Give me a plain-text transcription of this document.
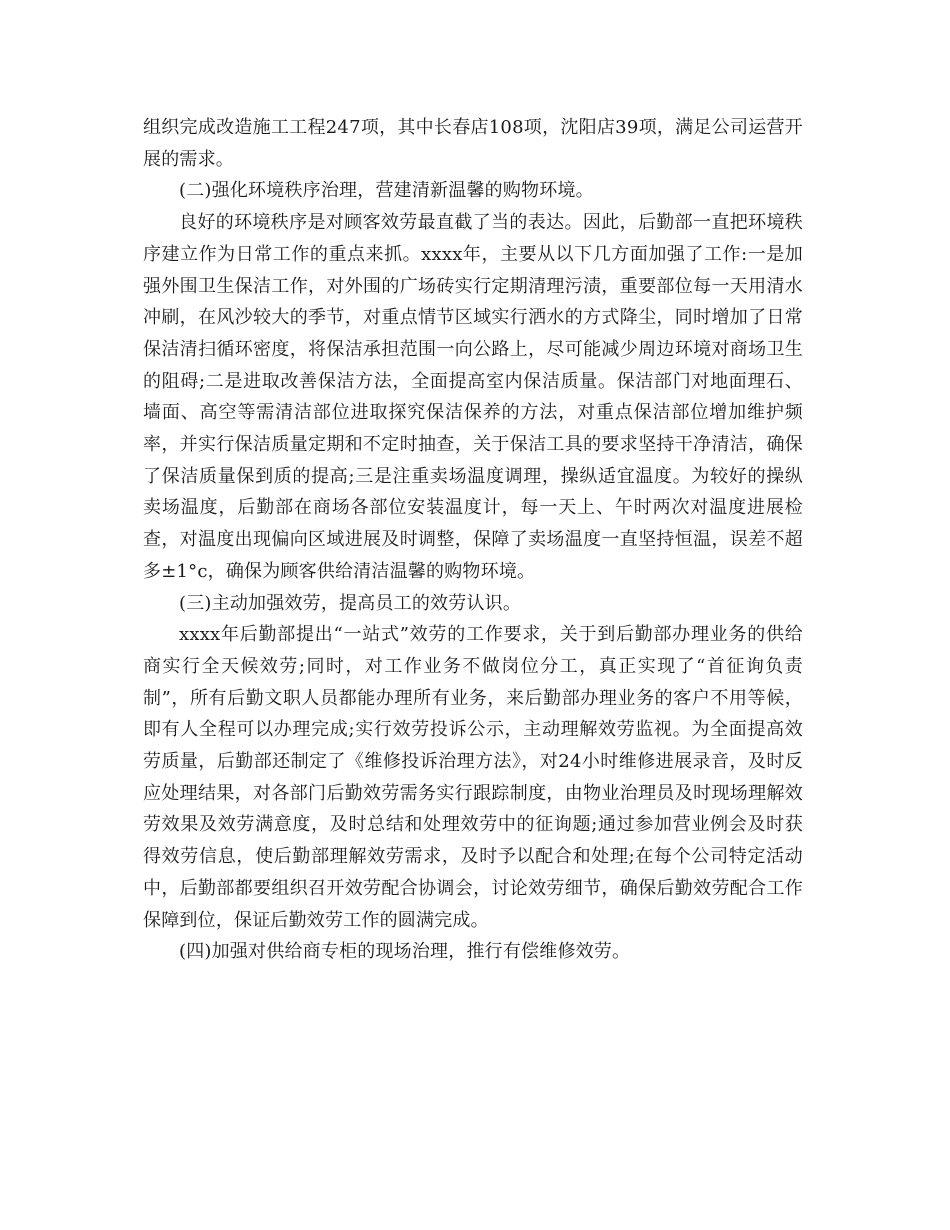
组织完成改造施工工程247项，其中长春店108项，沈阳店39项，满足公司运营开展的需求。

(二)强化环境秩序治理，营建清新温馨的购物环境。

良好的环境秩序是对顾客效劳最直截了当的表达。因此，后勤部一直把环境秩序建立作为日常工作的重点来抓。xxxx年，主要从以下几方面加强了工作:一是加强外围卫生保洁工作，对外围的广场砖实行定期清理污渍，重要部位每一天用清水冲刷，在风沙较大的季节，对重点情节区域实行洒水的方式降尘，同时增加了日常保洁清扫循环密度，将保洁承担范围一向公路上，尽可能减少周边环境对商场卫生的阻碍;二是进取改善保洁方法，全面提高室内保洁质量。保洁部门对地面理石、墙面、高空等需清洁部位进取探究保洁保养的方法，对重点保洁部位增加维护频率，并实行保洁质量定期和不定时抽查，关于保洁工具的要求坚持干净清洁，确保了保洁质量保到质的提高;三是注重卖场温度调理，操纵适宜温度。为较好的操纵卖场温度，后勤部在商场各部位安装温度计，每一天上、午时两次对温度进展检查，对温度出现偏向区域进展及时调整，保障了卖场温度一直坚持恒温，误差不超多±1°c，确保为顾客供给清洁温馨的购物环境。

(三)主动加强效劳，提高员工的效劳认识。

xxxx年后勤部提出“一站式”效劳的工作要求，关于到后勤部办理业务的供给商实行全天候效劳;同时，对工作业务不做岗位分工，真正实现了“首征询负责制”，所有后勤文职人员都能办理所有业务，来后勤部办理业务的客户不用等候，即有人全程可以办理完成;实行效劳投诉公示，主动理解效劳监视。为全面提高效劳质量，后勤部还制定了《维修投诉治理方法》，对24小时维修进展录音，及时反应处理结果，对各部门后勤效劳需务实行跟踪制度，由物业治理员及时现场理解效劳效果及效劳满意度，及时总结和处理效劳中的征询题;通过参加营业例会及时获得效劳信息，使后勤部理解效劳需求，及时予以配合和处理;在每个公司特定活动中，后勤部都要组织召开效劳配合协调会，讨论效劳细节，确保后勤效劳配合工作保障到位，保证后勤效劳工作的圆满完成。

(四)加强对供给商专柜的现场治理，推行有偿维修效劳。
